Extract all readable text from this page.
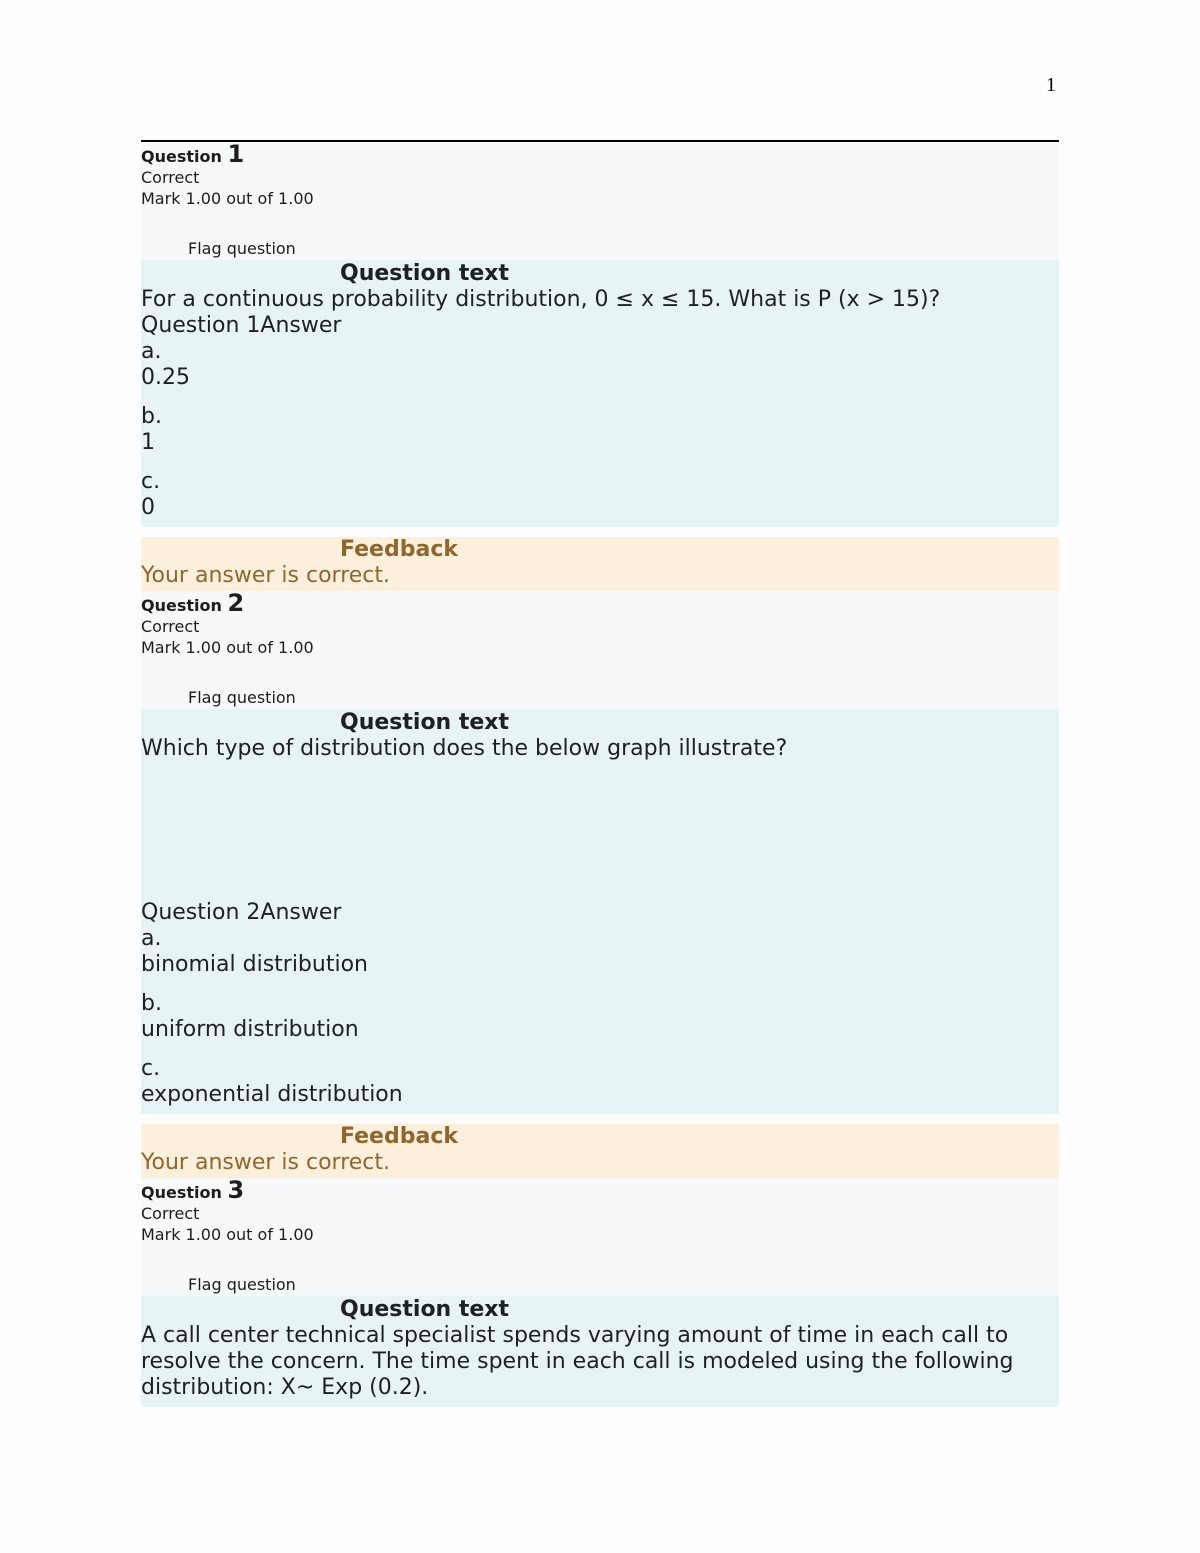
1
Question 1
Correct
Mark 1.00 out of 1.00
Flag question
Question text
For a continuous probability distribution, 0 ≤ x ≤ 15. What is P (x > 15)?
Question 1Answer
a.
0.25
b.
1
c.
0
Feedback
Your answer is correct.
Question 2
Correct
Mark 1.00 out of 1.00
Flag question
Question text
Which type of distribution does the below graph illustrate?
Question 2Answer
a.
binomial distribution
b.
uniform distribution
c.
exponential distribution
Feedback
Your answer is correct.
Question 3
Correct
Mark 1.00 out of 1.00
Flag question
Question text
A call center technical specialist spends varying amount of time in each call to resolve the concern. The time spent in each call is modeled using the following distribution: X~ Exp (0.2).
